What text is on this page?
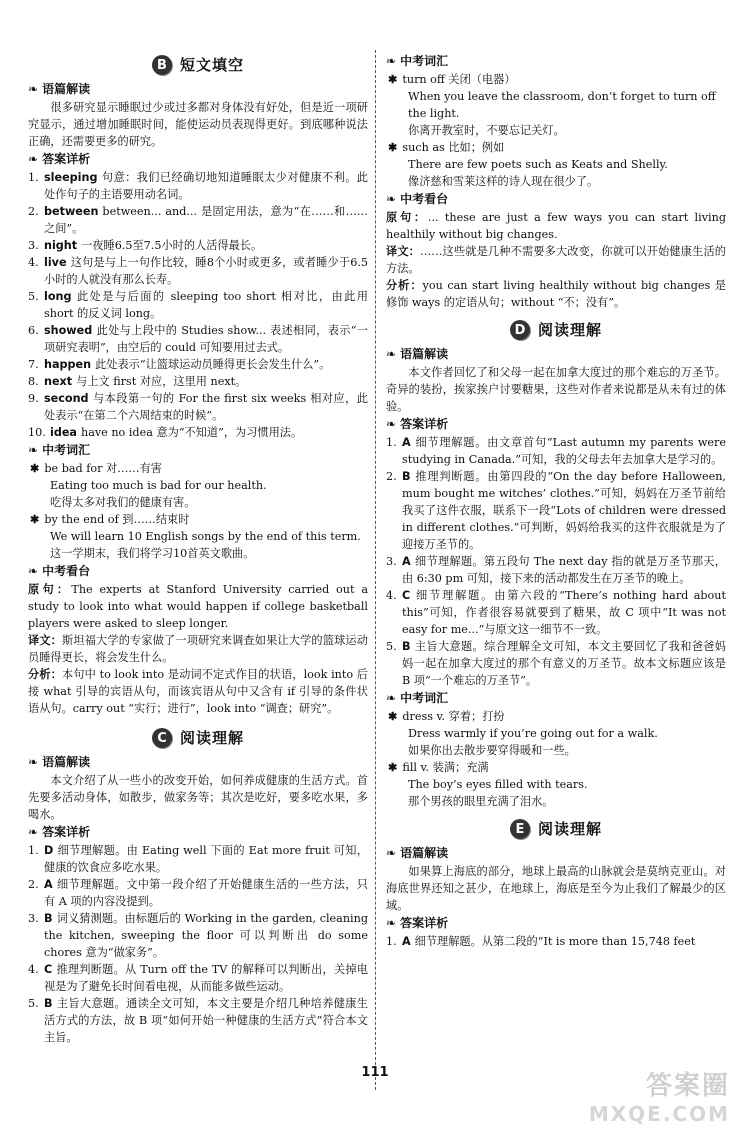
B 短文填空
❧ 语篇解读

很多研究显示睡眠过少或过多都对身体没有好处，但是近一项研究显示，通过增加睡眠时间，能使运动员表现得更好。到底哪种说法正确，还需要更多的研究。

❧ 答案详析
1. sleeping 句意：我们已经确切地知道睡眠太少对健康不利。此处作句子的主语要用动名词。
2. between between... and... 是固定用法，意为“在……和……之间”。
3. night 一夜睡6.5至7.5小时的人活得最长。
4. live 这句是与上一句作比较，睡8个小时或更多，或者睡少于6.5小时的人就没有那么长寿。
5. long 此处是与后面的 sleeping too short 相对比，由此用 short 的反义词 long。
6. showed 此处与上段中的 Studies show... 表述相同，表示“一项研究表明”，由空后的 could 可知要用过去式。
7. happen 此处表示“让篮球运动员睡得更长会发生什么”。
8. next 与上文 first 对应，这里用 next。
9. second 与本段第一句的 For the first six weeks 相对应，此处表示“在第二个六周结束的时候”。
10. idea have no idea 意为“不知道”，为习惯用法。
❧ 中考词汇
✱ be bad for 对……有害
Eating too much is bad for our health.
吃得太多对我们的健康有害。
✱ by the end of 到……结束时
We will learn 10 English songs by the end of this term.
这一学期末，我们将学习10首英文歌曲。
❧ 中考看台
原句：The experts at Stanford University carried out a study to look into what would happen if college basketball players were asked to sleep longer.
译文：斯坦福大学的专家做了一项研究来调查如果让大学的篮球运动员睡得更长，将会发生什么。
分析：本句中 to look into 是动词不定式作目的状语，look into 后接 what 引导的宾语从句，而该宾语从句中又含有 if 引导的条件状语从句。carry out “实行；进行”，look into “调查；研究”。
C 阅读理解
❧ 语篇解读

本文介绍了从一些小的改变开始，如何养成健康的生活方式。首先要多活动身体，如散步，做家务等；其次是吃好，要多吃水果，多喝水。

❧ 答案详析
1. D 细节理解题。由 Eating well 下面的 Eat more fruit 可知，健康的饮食应多吃水果。
2. A 细节理解题。文中第一段介绍了开始健康生活的一些方法，只有 A 项的内容没提到。
3. B 词义猜测题。由标题后的 Working in the garden, cleaning the kitchen, sweeping the floor 可以判断出 do some chores 意为“做家务”。
4. C 推理判断题。从 Turn off the TV 的解释可以判断出，关掉电视是为了避免长时间看电视，从而能多做些运动。
5. B 主旨大意题。通读全文可知，本文主要是介绍几种培养健康生活方式的方法，故 B 项“如何开始一种健康的生活方式”符合本文主旨。
❧ 中考词汇
✱ turn off 关闭（电器）
When you leave the classroom, don’t forget to turn off the light.
你离开教室时，不要忘记关灯。
✱ such as 比如；例如
There are few poets such as Keats and Shelly.
像济慈和雪莱这样的诗人现在很少了。
❧ 中考看台
原句：... these are just a few ways you can start living healthily without big changes.
译文：……这些就是几种不需要多大改变，你就可以开始健康生活的方法。
分析：you can start living healthily without big changes 是修饰 ways 的定语从句；without “不；没有”。
D 阅读理解
❧ 语篇解读

本文作者回忆了和父母一起在加拿大度过的那个难忘的万圣节。奇异的装扮，挨家挨户讨要糖果，这些对作者来说都是从未有过的体验。

❧ 答案详析
1. A 细节理解题。由文章首句“Last autumn my parents were studying in Canada.”可知，我的父母去年去加拿大是学习的。
2. B 推理判断题。由第四段的“On the day before Halloween, mum bought me witches’ clothes.”可知，妈妈在万圣节前给我买了这件衣服，联系下一段“Lots of children were dressed in different clothes.”可判断，妈妈给我买的这件衣服就是为了迎接万圣节的。
3. A 细节理解题。第五段句 The next day 指的就是万圣节那天，由 6:30 pm 可知，接下来的活动都发生在万圣节的晚上。
4. C 细节理解题。由第六段的“There’s nothing hard about this”可知，作者很容易就要到了糖果，故 C 项中“It was not easy for me...”与原文这一细节不一致。
5. B 主旨大意题。综合理解全文可知，本文主要回忆了我和爸爸妈妈一起在加拿大度过的那个有意义的万圣节。故本文标题应该是 B 项“一个难忘的万圣节”。
❧ 中考词汇
✱ dress v. 穿着；打扮
Dress warmly if you’re going out for a walk.
如果你出去散步要穿得暖和一些。
✱ fill v. 装满；充满
The boy’s eyes filled with tears.
那个男孩的眼里充满了泪水。
E 阅读理解
❧ 语篇解读

如果算上海底的部分，地球上最高的山脉就会是莫纳克亚山。对海底世界还知之甚少，在地球上，海底是至今为止我们了解最少的区域。

❧ 答案详析
1. A 细节理解题。从第二段的“It is more than 15,748 feet
111	答案圈
MXQE.COM
